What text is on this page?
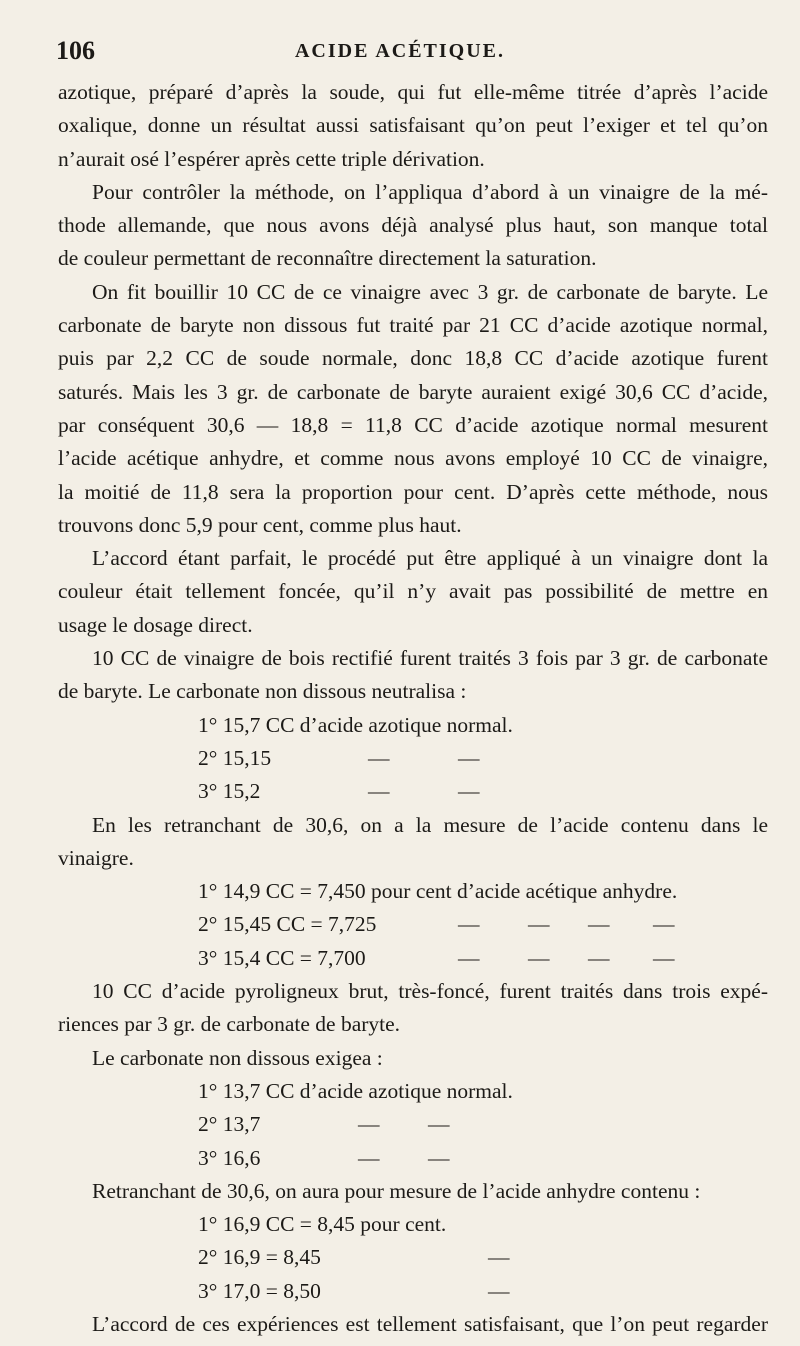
106	ACIDE ACÉTIQUE.
azotique, préparé d’après la soude, qui fut elle-même titrée d’après l’acide
oxalique, donne un résultat aussi satisfaisant qu’on peut l’exiger et tel qu’on
n’aurait osé l’espérer après cette triple dérivation.
Pour contrôler la méthode, on l’appliqua d’abord à un vinaigre de la mé-
thode allemande, que nous avons déjà analysé plus haut, son manque total
de couleur permettant de reconnaître directement la saturation.
On fit bouillir 10 CC de ce vinaigre avec 3 gr. de carbonate de baryte. Le
carbonate de baryte non dissous fut traité par 21 CC d’acide azotique normal,
puis par 2,2 CC de soude normale, donc 18,8 CC d’acide azotique furent
saturés. Mais les 3 gr. de carbonate de baryte auraient exigé 30,6 CC d’acide,
par conséquent 30,6 — 18,8 = 11,8 CC d’acide azotique normal mesurent
l’acide acétique anhydre, et comme nous avons employé 10 CC de vinaigre,
la moitié de 11,8 sera la proportion pour cent. D’après cette méthode, nous
trouvons donc 5,9 pour cent, comme plus haut.
L’accord étant parfait, le procédé put être appliqué à un vinaigre dont la
couleur était tellement foncée, qu’il n’y avait pas possibilité de mettre en
usage le dosage direct.
10 CC de vinaigre de bois rectifié furent traités 3 fois par 3 gr. de carbonate
de baryte. Le carbonate non dissous neutralisa :
1° 15,7 CC d’acide azotique normal.
2° 15,15	—	—
3° 15,2	—	—
En les retranchant de 30,6, on a la mesure de l’acide contenu dans le
vinaigre.
1° 14,9 CC = 7,450 pour cent d’acide acétique anhydre.
2° 15,45 CC = 7,725	— — — —
3° 15,4 CC = 7,700	— — — —
10 CC d’acide pyroligneux brut, très-foncé, furent traités dans trois expé-
riences par 3 gr. de carbonate de baryte.
Le carbonate non dissous exigea :
1° 13,7 CC d’acide azotique normal.
2° 13,7	— —
3° 16,6	— —
Retranchant de 30,6, on aura pour mesure de l’acide anhydre contenu :
1° 16,9 CC = 8,45 pour cent.
2° 16,9 = 8,45	—
3° 17,0 = 8,50	—
L’accord de ces expériences est tellement satisfaisant, que l’on peut regarder
